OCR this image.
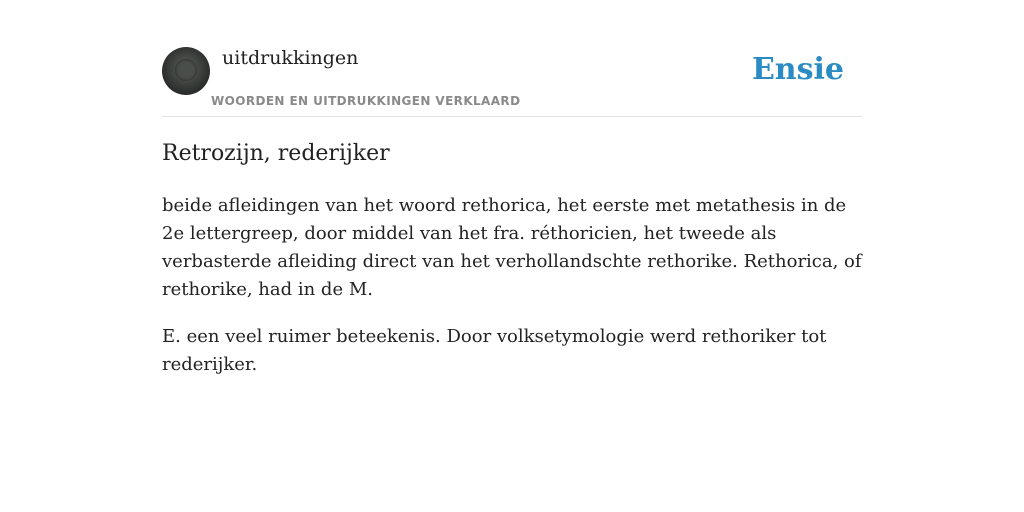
uitdrukkingen
WOORDEN EN UITDRUKKINGEN VERKLAARD
Ensie
Retrozijn, rederijker

beide afleidingen van het woord rethorica, het eerste met metathesis in de 2e lettergreep, door middel van het fra. réthoricien, het tweede als verbasterde afleiding direct van het verhollandschte rethorike. Rethorica, of rethorike, had in de M.

E. een veel ruimer beteekenis. Door volksetymologie werd rethoriker tot rederijker.
